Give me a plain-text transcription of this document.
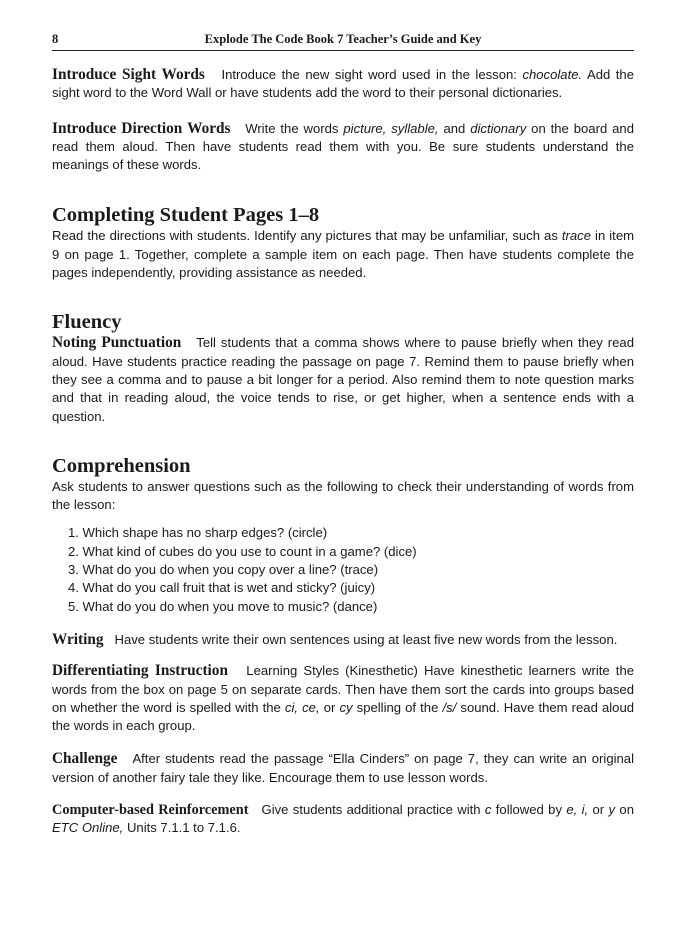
8	Explode The Code Book 7 Teacher’s Guide and Key

Introduce Sight Words Introduce the new sight word used in the lesson: chocolate. Add the sight word to the Word Wall or have students add the word to their personal dictionaries.

Introduce Direction Words Write the words picture, syllable, and dictionary on the board and read them aloud. Then have students read them with you. Be sure students understand the meanings of these words.

Completing Student Pages 1–8

Read the directions with students. Identify any pictures that may be unfamiliar, such as trace in item 9 on page 1. Together, complete a sample item on each page. Then have students complete the pages independently, providing assistance as needed.

Fluency

Noting Punctuation Tell students that a comma shows where to pause briefly when they read aloud. Have students practice reading the passage on page 7. Remind them to pause briefly when they see a comma and to pause a bit longer for a period. Also remind them to note question marks and that in reading aloud, the voice tends to rise, or get higher, when a sentence ends with a question.

Comprehension

Ask students to answer questions such as the following to check their understanding of words from the lesson:

1. Which shape has no sharp edges? (circle)
2. What kind of cubes do you use to count in a game? (dice)
3. What do you do when you copy over a line? (trace)
4. What do you call fruit that is wet and sticky? (juicy)
5. What do you do when you move to music? (dance)

Writing Have students write their own sentences using at least five new words from the lesson.

Differentiating Instruction Learning Styles (Kinesthetic) Have kinesthetic learners write the words from the box on page 5 on separate cards. Then have them sort the cards into groups based on whether the word is spelled with the ci, ce, or cy spelling of the /s/ sound. Have them read aloud the words in each group.

Challenge After students read the passage “Ella Cinders” on page 7, they can write an original version of another fairy tale they like. Encourage them to use lesson words.

Computer-based Reinforcement Give students additional practice with c followed by e, i, or y on ETC Online, Units 7.1.1 to 7.1.6.
